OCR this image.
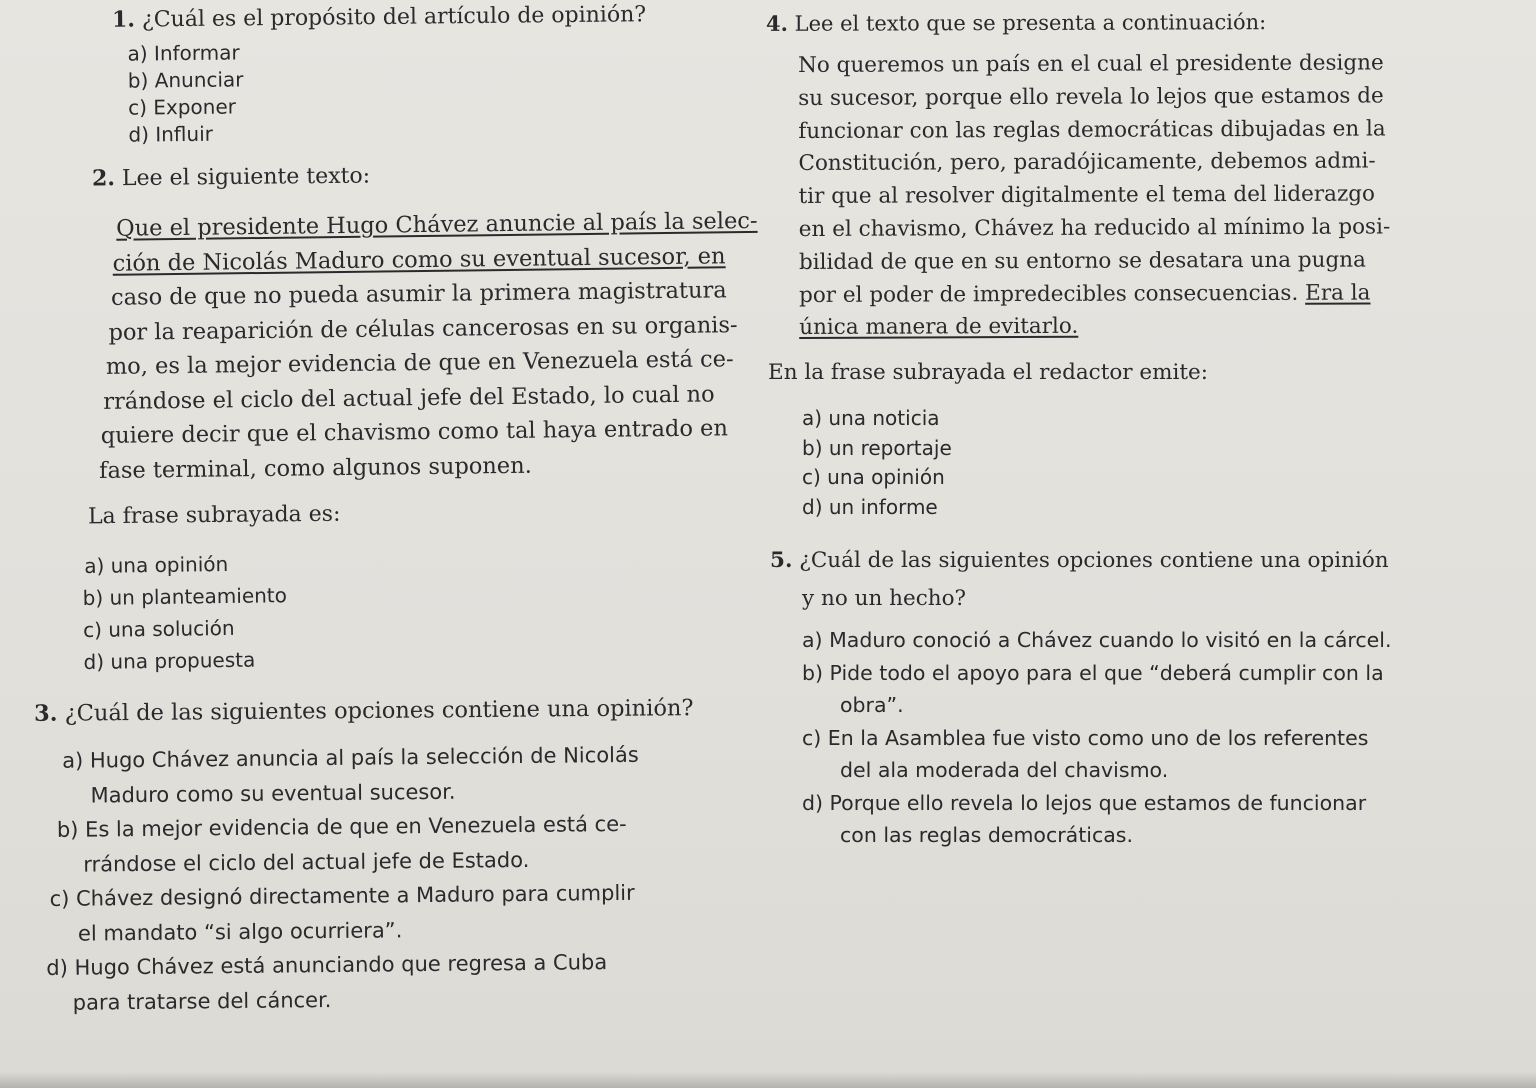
1. ¿Cuál es el propósito del artículo de opinión?
a) Informar
b) Anunciar
c) Exponer
d) Influir
2. Lee el siguiente texto:
Que el presidente Hugo Chávez anuncie al país la selec-
ción de Nicolás Maduro como su eventual sucesor, en
caso de que no pueda asumir la primera magistratura
por la reaparición de células cancerosas en su organis-
mo, es la mejor evidencia de que en Venezuela está ce-
rrándose el ciclo del actual jefe del Estado, lo cual no
quiere decir que el chavismo como tal haya entrado en
fase terminal, como algunos suponen.
La frase subrayada es:
a) una opinión
b) un planteamiento
c) una solución
d) una propuesta
3. ¿Cuál de las siguientes opciones contiene una opinión?
a) Hugo Chávez anuncia al país la selección de Nicolás
Maduro como su eventual sucesor.
b) Es la mejor evidencia de que en Venezuela está ce-
rrándose el ciclo del actual jefe de Estado.
c) Chávez designó directamente a Maduro para cumplir
el mandato “si algo ocurriera”.
d) Hugo Chávez está anunciando que regresa a Cuba
para tratarse del cáncer.
4. Lee el texto que se presenta a continuación:
No queremos un país en el cual el presidente designe
su sucesor, porque ello revela lo lejos que estamos de
funcionar con las reglas democráticas dibujadas en la
Constitución, pero, paradójicamente, debemos admi-
tir que al resolver digitalmente el tema del liderazgo
en el chavismo, Chávez ha reducido al mínimo la posi-
bilidad de que en su entorno se desatara una pugna
por el poder de impredecibles consecuencias. Era la
única manera de evitarlo.
En la frase subrayada el redactor emite:
a) una noticia
b) un reportaje
c) una opinión
d) un informe
5. ¿Cuál de las siguientes opciones contiene una opinión
y no un hecho?
a) Maduro conoció a Chávez cuando lo visitó en la cárcel.
b) Pide todo el apoyo para el que “deberá cumplir con la
obra”.
c) En la Asamblea fue visto como uno de los referentes
del ala moderada del chavismo.
d) Porque ello revela lo lejos que estamos de funcionar
con las reglas democráticas.
